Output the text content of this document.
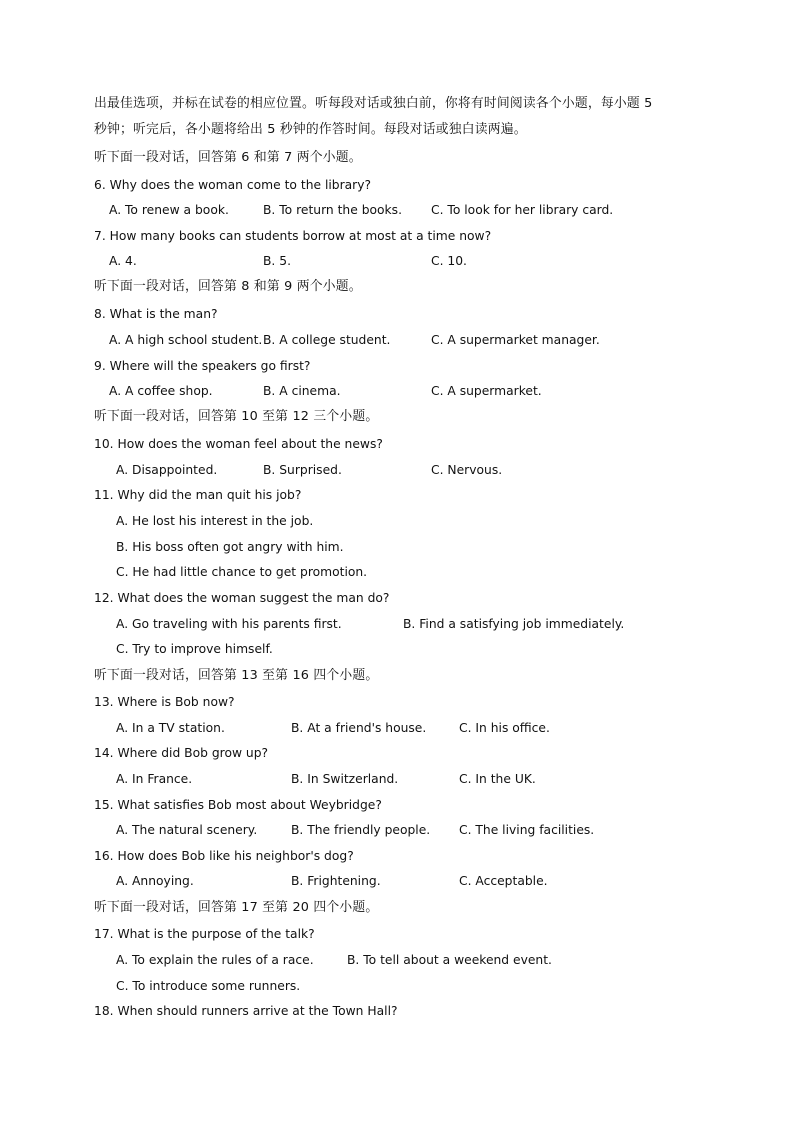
出最佳选项，并标在试卷的相应位置。听每段对话或独白前，你将有时间阅读各个小题，每小题 5
秒钟；听完后，各小题将给出 5 秒钟的作答时间。每段对话或独白读两遍。
听下面一段对话，回答第 6 和第 7 两个小题。
6. Why does the woman come to the library?
A. To renew a book.	B. To return the books. C. To look for her library card.
7. How many books can students borrow at most at a time now?
A. 4.	B. 5.	C. 10.
听下面一段对话，回答第 8 和第 9 两个小题。
8. What is the man?
A. A high school student. B. A college student.	C. A supermarket manager.
9. Where will the speakers go first?
A. A coffee shop.	B. A cinema.	C. A supermarket.
听下面一段对话，回答第 10 至第 12 三个小题。
10. How does the woman feel about the news?
A. Disappointed.	B. Surprised.	C. Nervous.
11. Why did the man quit his job?
A. He lost his interest in the job.
B. His boss often got angry with him.
C. He had little chance to get promotion.
12. What does the woman suggest the man do?
A. Go traveling with his parents first.	B. Find a satisfying job immediately.
C. Try to improve himself.
听下面一段对话，回答第 13 至第 16 四个小题。
13. Where is Bob now?
A. In a TV station.	B. At a friend's house.	C. In his office.
14. Where did Bob grow up?
A. In France.	B. In Switzerland.	C. In the UK.
15. What satisfies Bob most about Weybridge?
A. The natural scenery.	B. The friendly people. C. The living facilities.
16. How does Bob like his neighbor's dog?
A. Annoying.	B. Frightening.	C. Acceptable.
听下面一段对话，回答第 17 至第 20 四个小题。
17. What is the purpose of the talk?
A. To explain the rules of a race.	B. To tell about a weekend event.
C. To introduce some runners.
18. When should runners arrive at the Town Hall?
